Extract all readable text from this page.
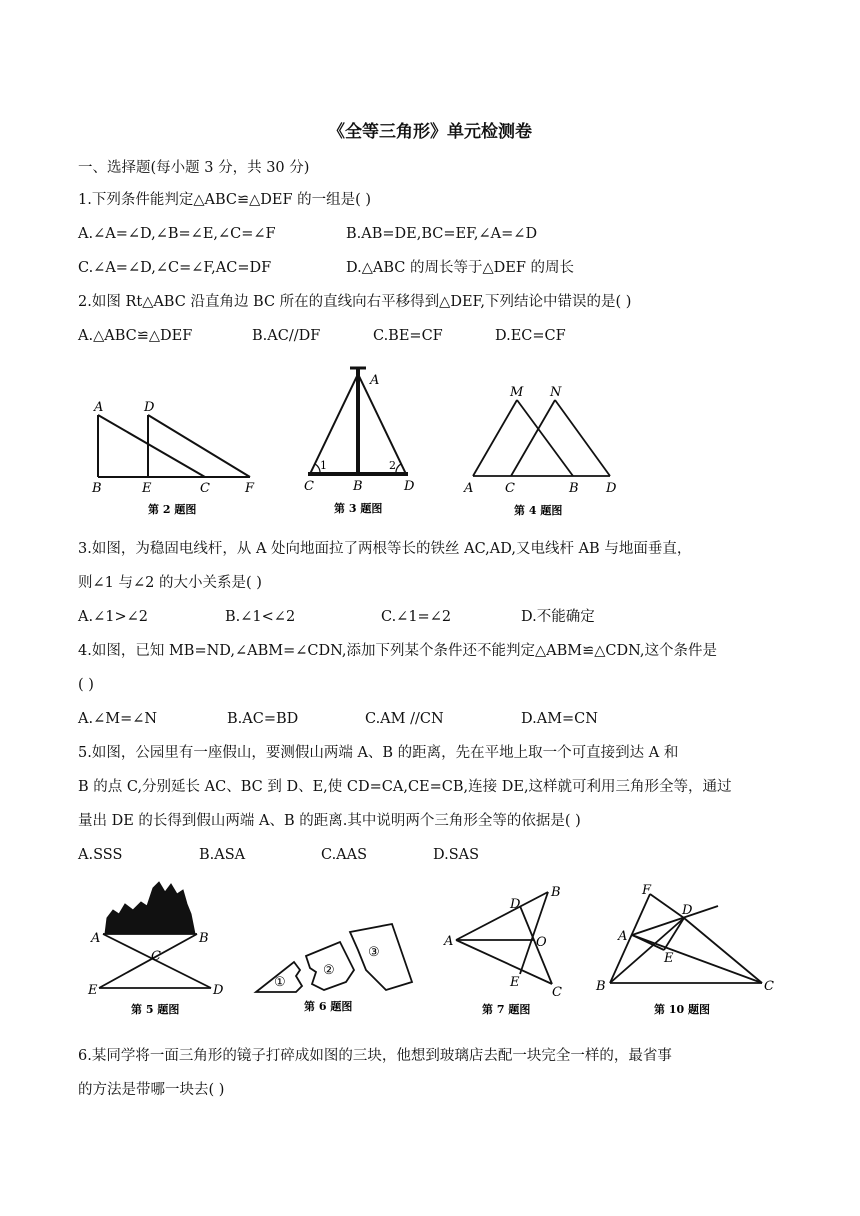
《全等三角形》单元检测卷
一、选择题(每小题 3 分，共 30 分)
1.下列条件能判定△ABC≌△DEF 的一组是( )
A.∠A=∠D,∠B=∠E,∠C=∠F	B.AB=DE,BC=EF,∠A=∠D
C.∠A=∠D,∠C=∠F,AC=DF	D.△ABC 的周长等于△DEF 的周长
2.如图 Rt△ABC 沿直角边 BC 所在的直线向右平移得到△DEF,下列结论中错误的是( )
A.△ABC≌△DEF	B.AC//DF	C.BE=CF	D.EC=CF
A	D
B	E	C	F
第 2 题图
A
1	2
C	B	D
第 3 题图
M N
A C	B D
第 4 题图
3.如图，为稳固电线杆，从 A 处向地面拉了两根等长的铁丝 AC,AD,又电线杆 AB 与地面垂直，
则∠1 与∠2 的大小关系是( )
A.∠1>∠2	B.∠1<∠2	C.∠1=∠2	D.不能确定
4.如图，已知 MB=ND,∠ABM=∠CDN,添加下列某个条件还不能判定△ABM≌△CDN,这个条件是
( )
A.∠M=∠N	B.AC=BD	C.AM //CN	D.AM=CN
5.如图，公园里有一座假山，要测假山两端 A、B 的距离，先在平地上取一个可直接到达 A 和
B 的点 C,分别延长 AC、BC 到 D、E,使 CD=CA,CE=CB,连接 DE,这样就可利用三角形全等，通过
量出 DE 的长得到假山两端 A、B 的距离.其中说明两个三角形全等的依据是( )
A.SSS	B.ASA	C.AAS	D.SAS
A	B
C
E	D
第 5 题图
①
②
③
第 6 题图
A
B
D
O
E
C
第 7 题图
F
D
A
E
B	C
第 10 题图
6.某同学将一面三角形的镜子打碎成如图的三块，他想到玻璃店去配一块完全一样的，最省事
的方法是带哪一块去( )
